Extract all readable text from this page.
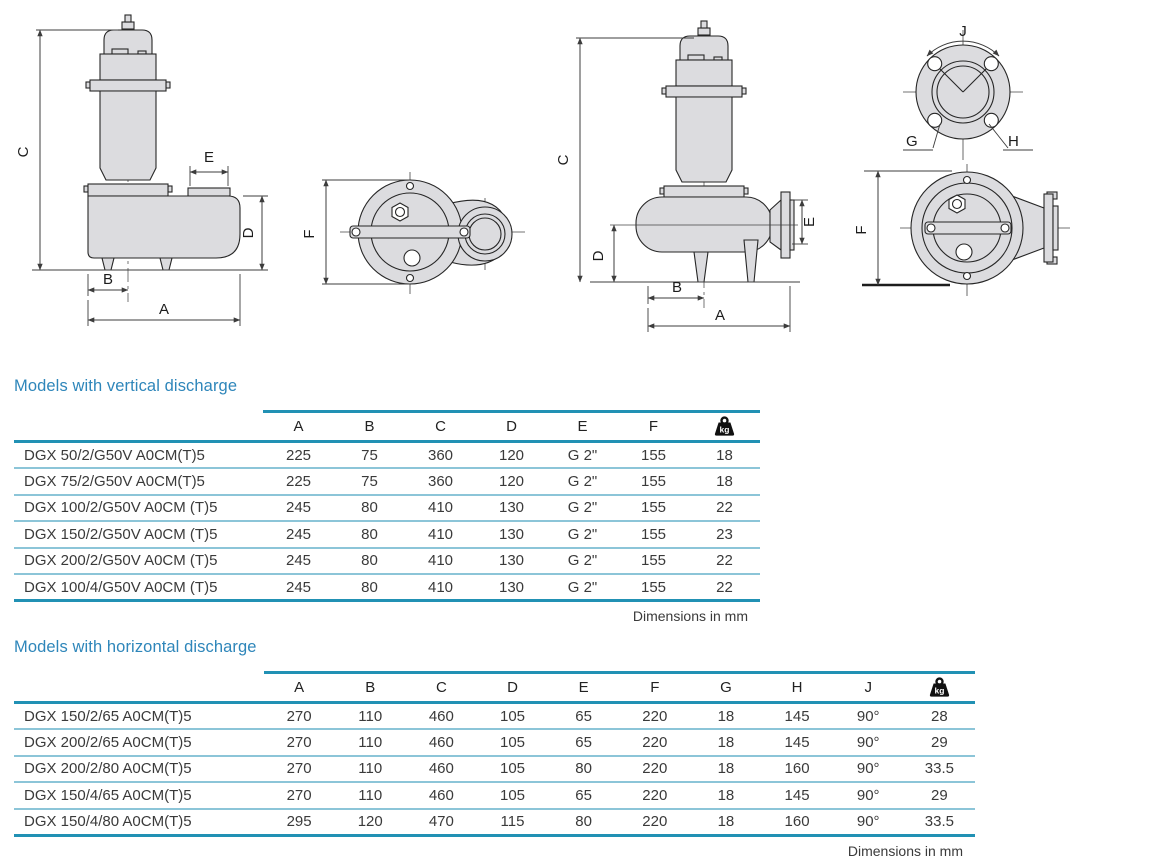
C	E
D
B
A
F
C
D
E
B
A
J
G	H
F
Models with vertical discharge
	A	B	C	D	E	F	kg

DGX 50/2/G50V A0CM(T)5	225	75	360	120	G 2"	155	18
DGX 75/2/G50V A0CM(T)5	225	75	360	120	G 2"	155	18
DGX 100/2/G50V A0CM (T)5	245	80	410	130	G 2"	155	22
DGX 150/2/G50V A0CM (T)5	245	80	410	130	G 2"	155	23
DGX 200/2/G50V A0CM (T)5	245	80	410	130	G 2"	155	22
DGX 100/4/G50V A0CM (T)5	245	80	410	130	G 2"	155	22
Dimensions in mm
Models with horizontal discharge
	A	B	C	D	E	F	G	H	J	kg

DGX 150/2/65 A0CM(T)5	270	110	460	105	65	220	18	145	90°	28
DGX 200/2/65 A0CM(T)5	270	110	460	105	65	220	18	145	90°	29
DGX 200/2/80 A0CM(T)5	270	110	460	105	80	220	18	160	90°	33.5
DGX 150/4/65 A0CM(T)5	270	110	460	105	65	220	18	145	90°	29
DGX 150/4/80 A0CM(T)5	295	120	470	115	80	220	18	160	90°	33.5
Dimensions in mm
